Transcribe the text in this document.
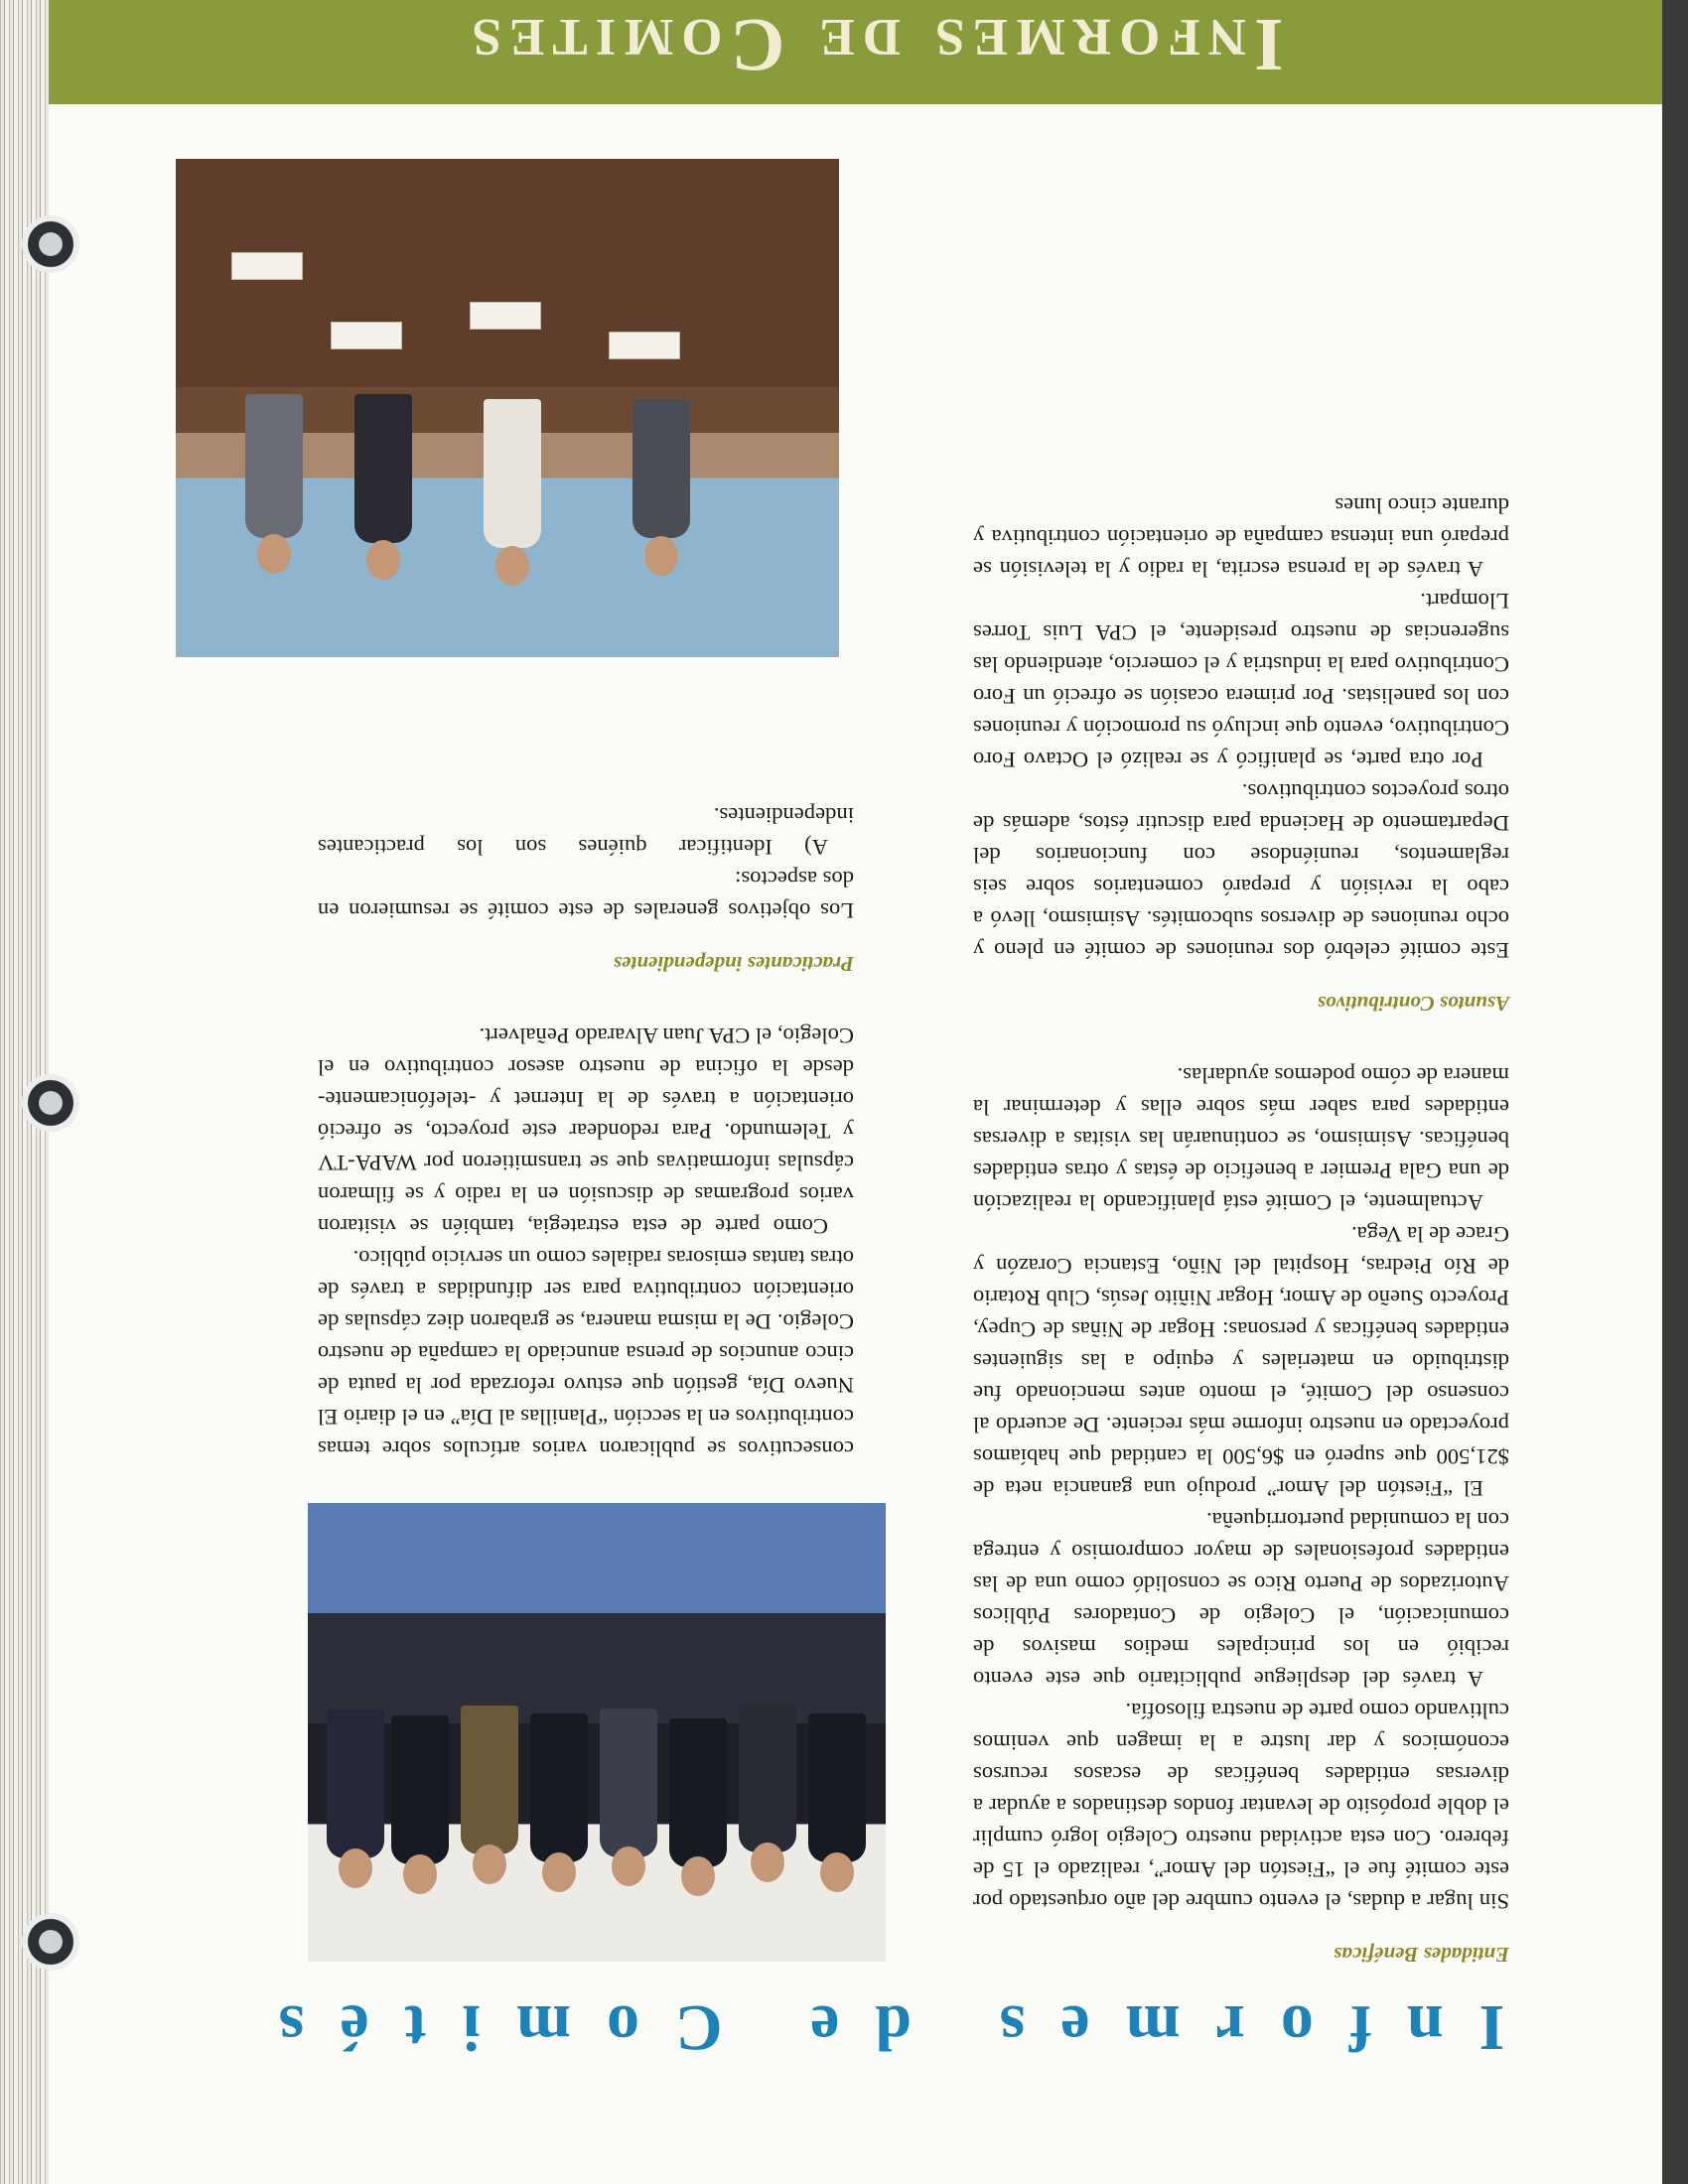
Informes de Comités
Entidades Benéficas

Sin lugar a dudas, el evento cumbre del año orquestado por este comité fue el “Fiestón del Amor”, realizado el 15 de febrero. Con esta actividad nuestro Colegio logró cumplir el doble propósito de levantar fondos destinados a ayudar a diversas entidades benéficas de escasos recursos económicos y dar lustre a la imagen que venimos cultivando como parte de nuestra filosofía.

A través del despliegue publicitario que este evento recibió en los principales medios masivos de comunicación, el Colegio de Contadores Públicos Autorizados de Puerto Rico se consolidó como una de las entidades profesionales de mayor compromiso y entrega con la comunidad puertorriqueña.

El “Fiestón del Amor” produjo una ganancia neta de $21,500 que superó en $6,500 la cantidad que habíamos proyectado en nuestro informe más reciente. De acuerdo al consenso del Comité, el monto antes mencionado fue distribuido en materiales y equipo a las siguientes entidades benéficas y personas: Hogar de Niñas de Cupey, Proyecto Sueño de Amor, Hogar Niñito Jesús, Club Rotario de Río Piedras, Hospital del Niño, Estancia Corazón y Grace de la Vega.

Actualmente, el Comité está planificando la realización de una Gala Premier a beneficio de éstas y otras entidades benéficas. Asimismo, se continuarán las visitas a diversas entidades para saber más sobre ellas y determinar la manera de cómo podemos ayudarlas.

Asuntos Contributivos

Este comité celebró dos reuniones de comité en pleno y ocho reuniones de diversos subcomités. Asimismo, llevó a cabo la revisión y preparó comentarios sobre seis reglamentos, reuniéndose con funcionarios del Departamento de Hacienda para discutir éstos, además de otros proyectos contributivos.

Por otra parte, se planificó y se realizó el Octavo Foro Contributivo, evento que incluyó su promoción y reuniones con los panelistas. Por primera ocasión se ofreció un Foro Contributivo para la industria y el comercio, atendiendo las sugerencias de nuestro presidente, el CPA Luis Torres Llompart.

A través de la prensa escrita, la radio y la televisión se preparó una intensa campaña de orientación contributiva y durante cinco lunes

consecutivos se publicaron varios artículos sobre temas contributivos en la sección “Planillas al Día” en el diario El Nuevo Día, gestión que estuvo reforzada por la pauta de cinco anuncios de prensa anunciado la campaña de nuestro Colegio. De la misma manera, se grabaron diez cápsulas de orientación contributiva para ser difundidas a través de otras tantas emisoras radiales como un servicio público.

Como parte de esta estrategia, también se visitaron varios programas de discusión en la radio y se filmaron cápsulas informativas que se transmitieron por WAPA-TV y Telemundo. Para redondear este proyecto, se ofreció orientación a través de la Internet y -telefónicamente- desde la oficina de nuestro asesor contributivo en el Colegio, el CPA Juan Alvarado Peñalvert.

Practicantes independientes

Los objetivos generales de este comité se resumieron en dos aspectos:

A) Identificar quiénes son los practicantes independientes.

Informes de Comites
